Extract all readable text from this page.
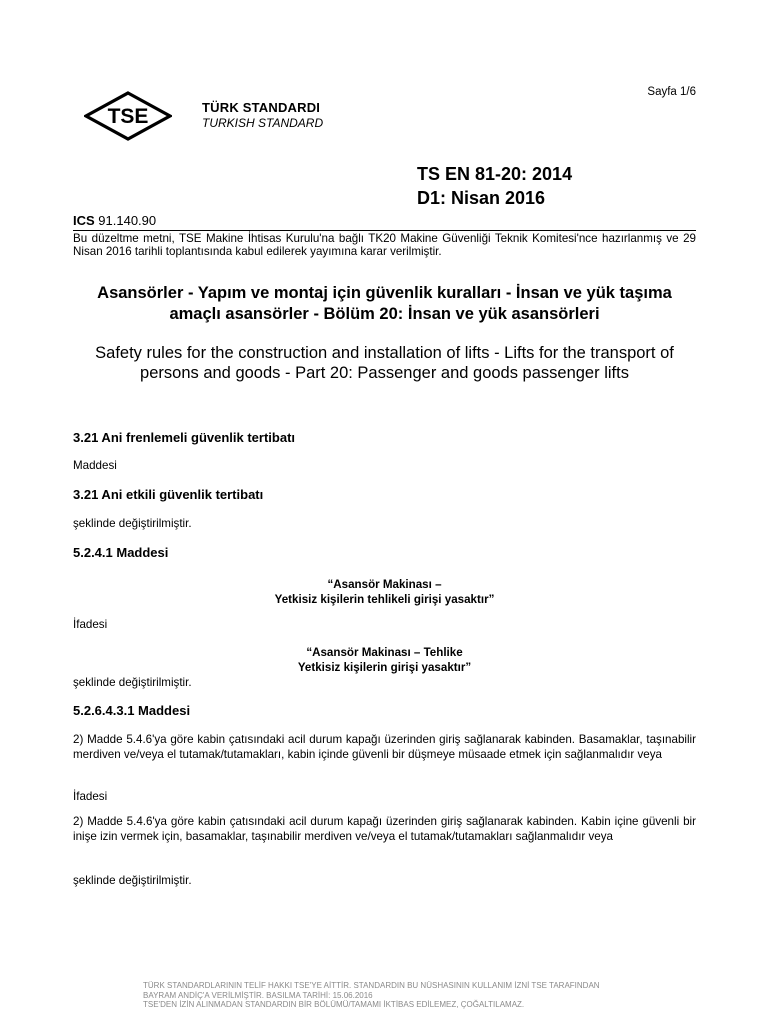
Sayfa 1/6
TSE	TÜRK STANDARDI
TURKISH STANDARD
TS EN 81-20: 2014
D1: Nisan 2016
ICS 91.140.90
Bu düzeltme metni, TSE Makine İhtisas Kurulu'na bağlı TK20 Makine Güvenliği Teknik Komitesi'nce hazırlanmış ve 29 Nisan 2016 tarihli toplantısında kabul edilerek yayımına karar verilmiştir.
Asansörler - Yapım ve montaj için güvenlik kuralları - İnsan ve yük taşıma amaçlı asansörler - Bölüm 20: İnsan ve yük asansörleri
Safety rules for the construction and installation of lifts - Lifts for the transport of persons and goods - Part 20: Passenger and goods passenger lifts
3.21 Ani frenlemeli güvenlik tertibatı
Maddesi
3.21 Ani etkili güvenlik tertibatı
şeklinde değiştirilmiştir.
5.2.4.1 Maddesi
“Asansör Makinası –
Yetkisiz kişilerin tehlikeli girişi yasaktır”
İfadesi
“Asansör Makinası – Tehlike
Yetkisiz kişilerin girişi yasaktır”
şeklinde değiştirilmiştir.
5.2.6.4.3.1 Maddesi
2) Madde 5.4.6'ya göre kabin çatısındaki acil durum kapağı üzerinden giriş sağlanarak kabinden. Basamaklar, taşınabilir merdiven ve/veya el tutamak/tutamakları, kabin içinde güvenli bir düşmeye müsaade etmek için sağlanmalıdır veya
İfadesi
2) Madde 5.4.6'ya göre kabin çatısındaki acil durum kapağı üzerinden giriş sağlanarak kabinden. Kabin içine güvenli bir inişe izin vermek için, basamaklar, taşınabilir merdiven ve/veya el tutamak/tutamakları sağlanmalıdır veya
şeklinde değiştirilmiştir.
TÜRK STANDARDLARININ TELİF HAKKI TSE'YE AİTTİR. STANDARDIN BU NÜSHASININ KULLANIM İZNİ TSE TARAFINDAN
BAYRAM ANDİÇ'A VERİLMİŞTİR. BASILMA TARİHİ: 15.06.2016
TSE'DEN İZİN ALINMADAN STANDARDIN BİR BÖLÜMÜ/TAMAMI İKTİBAS EDİLEMEZ, ÇOĞALTILAMAZ.
